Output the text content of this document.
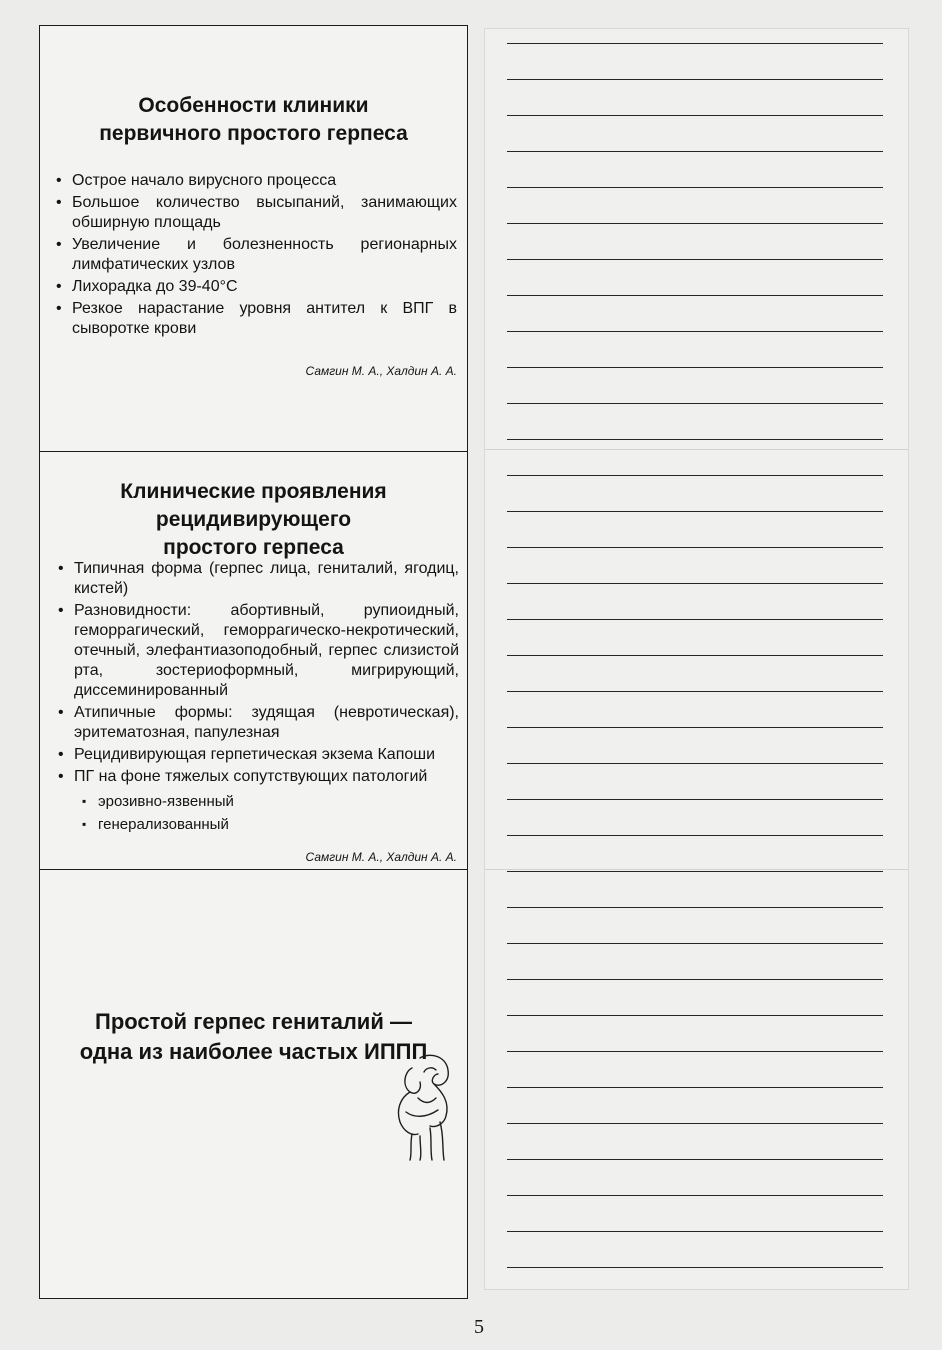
Особенности клиники
первичного простого герпеса
• Острое начало вирусного процесса
• Большое количество высыпаний, занимающих обширную площадь
• Увеличение и болезненность регионарных лимфатических узлов
• Лихорадка до 39-40°С
• Резкое нарастание уровня антител к ВПГ в сыворотке крови
Самгин М. А., Халдин А. А.
Клинические проявления
рецидивирующего
простого герпеса
• Типичная форма (герпес лица, гениталий, ягодиц, кистей)
• Разновидности: абортивный, рупиоидный, геморрагический, геморрагическо-некротический, отечный, элефантиазоподобный, герпес слизистой рта, зостериоформный, мигрирующий, диссеминированный
• Атипичные формы: зудящая (невротическая), эритематозная, папулезная
• Рецидивирующая герпетическая экзема Капоши
• ПГ на фоне тяжелых сопутствующих патологий
▪ эрозивно-язвенный
▪ генерализованный
Самгин М. А., Халдин А. А.
Простой герпес гениталий —
одна из наиболее частых ИППП
5
